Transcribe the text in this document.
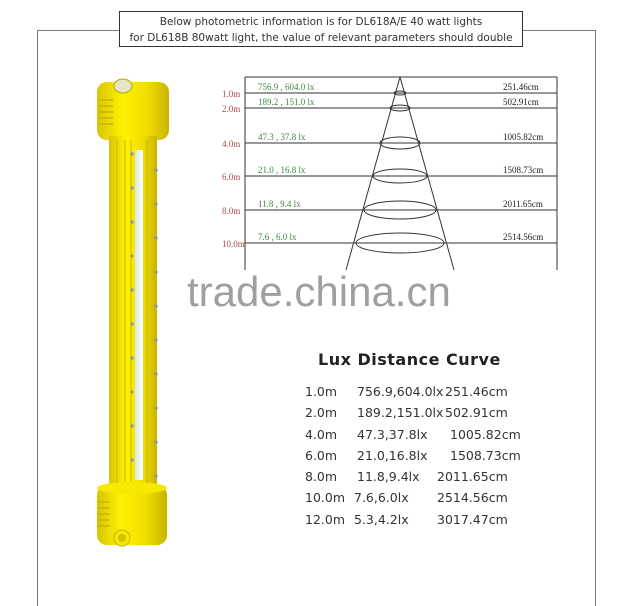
Below photometric information is for DL618A/E 40 watt lights
for DL618B 80watt light, the value of relevant parameters should double
1.0m
2.0m
4.0m
6.0m
8.0m
10.0m
756.9 , 604.0 lx
189.2 , 151.0 lx
47.3 , 37.8 lx
21.0 , 16.8 lx
11.8 , 9.4 lx
7.6 , 6.0 lx
251.46cm
502.91cm
1005.82cm
1508.73cm
2011.65cm
2514.56cm
trade.china.cn
Lux Distance Curve
1.0m 756.9,604.0lx 251.46cm
2.0m 189.2,151.0lx 502.91cm
4.0m 47.3,37.8lx 1005.82cm
6.0m 21.0,16.8lx 1508.73cm
8.0m 11.8,9.4lx 2011.65cm
10.0m 7.6,6.0lx 2514.56cm
12.0m 5.3,4.2lx 3017.47cm
